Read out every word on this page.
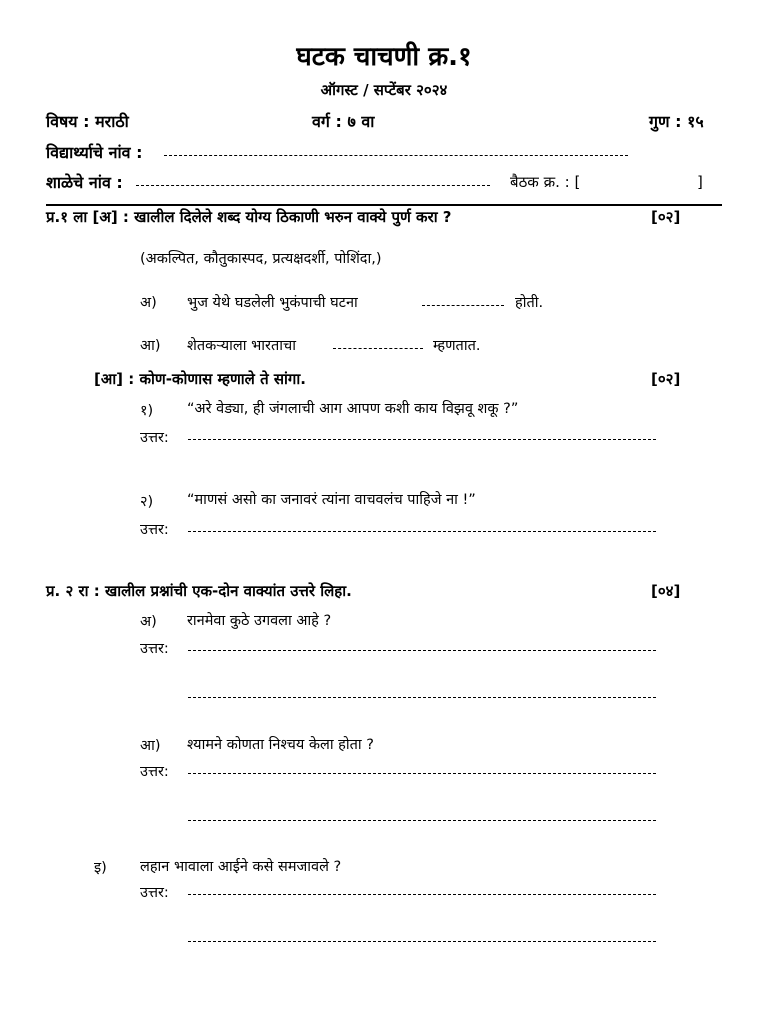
घटक चाचणी क्र.१
ऑगस्ट / सप्टेंबर २०२४
विषय : मराठी	वर्ग : ७ वा	गुण : १५
विद्यार्थ्याचे नांव :
शाळेचे नांव :	बैठक क्र. : [	]
प्र.१ ला [अ] : खालील दिलेले शब्द योग्य ठिकाणी भरुन वाक्ये पुर्ण करा ?	[०२]
(अकल्पित, कौतुकास्पद, प्रत्यक्षदर्शी, पोशिंदा,)
अ) भुज येथे घडलेली भुकंपाची घटना	होती.
आ) शेतकऱ्याला भारताचा	म्हणतात.
[आ] : कोण-कोणास म्हणाले ते सांगा.	[०२]
१) “अरे वेड्या, ही जंगलाची आग आपण कशी काय विझवू शकू ?”
उत्तर:
२) “माणसं असो का जनावरं त्यांना वाचवलंच पाहिजे ना !”
उत्तर:
प्र. २ रा : खालील प्रश्नांची एक-दोन वाक्यांत उत्तरे लिहा.	[०४]
अ) रानमेवा कुठे उगवला आहे ?
उत्तर:
आ) श्यामने कोणता निश्चय केला होता ?
उत्तर:
इ) लहान भावाला आईने कसे समजावले ?
उत्तर:
